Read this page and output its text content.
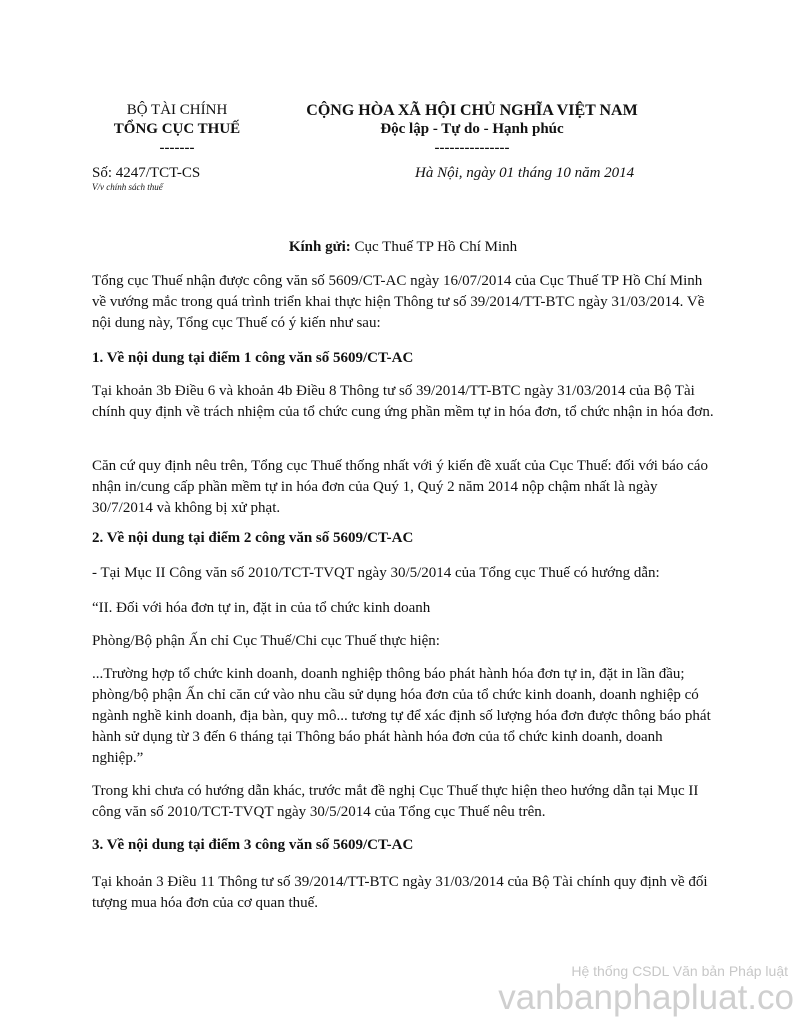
BỘ TÀI CHÍNH
TỔNG CỤC THUẾ
-------
CỘNG HÒA XÃ HỘI CHỦ NGHĨA VIỆT NAM
Độc lập - Tự do - Hạnh phúc
---------------
Số: 4247/TCT-CS
V/v chính sách thuế
Hà Nội, ngày 01 tháng 10 năm 2014
Kính gửi: Cục Thuế TP Hồ Chí Minh
Tổng cục Thuế nhận được công văn số 5609/CT-AC ngày 16/07/2014 của Cục Thuế TP Hồ Chí Minh về vướng mắc trong quá trình triển khai thực hiện Thông tư số 39/2014/TT-BTC ngày 31/03/2014. Về nội dung này, Tổng cục Thuế có ý kiến như sau:
1. Về nội dung tại điểm 1 công văn số 5609/CT-AC
Tại khoản 3b Điều 6 và khoản 4b Điều 8 Thông tư số 39/2014/TT-BTC ngày 31/03/2014 của Bộ Tài chính quy định về trách nhiệm của tổ chức cung ứng phần mềm tự in hóa đơn, tổ chức nhận in hóa đơn.
Căn cứ quy định nêu trên, Tổng cục Thuế thống nhất với ý kiến đề xuất của Cục Thuế: đối với báo cáo nhận in/cung cấp phần mềm tự in hóa đơn của Quý 1, Quý 2 năm 2014 nộp chậm nhất là ngày 30/7/2014 và không bị xử phạt.
2. Về nội dung tại điểm 2 công văn số 5609/CT-AC
- Tại Mục II Công văn số 2010/TCT-TVQT ngày 30/5/2014 của Tổng cục Thuế có hướng dẫn:
“II. Đối với hóa đơn tự in, đặt in của tổ chức kinh doanh
Phòng/Bộ phận Ấn chỉ Cục Thuế/Chi cục Thuế thực hiện:
...Trường hợp tổ chức kinh doanh, doanh nghiệp thông báo phát hành hóa đơn tự in, đặt in lần đầu; phòng/bộ phận Ấn chỉ căn cứ vào nhu cầu sử dụng hóa đơn của tổ chức kinh doanh, doanh nghiệp có ngành nghề kinh doanh, địa bàn, quy mô... tương tự để xác định số lượng hóa đơn được thông báo phát hành sử dụng từ 3 đến 6 tháng tại Thông báo phát hành hóa đơn của tổ chức kinh doanh, doanh nghiệp.”
Trong khi chưa có hướng dẫn khác, trước mắt đề nghị Cục Thuế thực hiện theo hướng dẫn tại Mục II công văn số 2010/TCT-TVQT ngày 30/5/2014 của Tổng cục Thuế nêu trên.
3. Về nội dung tại điểm 3 công văn số 5609/CT-AC
Tại khoản 3 Điều 11 Thông tư số 39/2014/TT-BTC ngày 31/03/2014 của Bộ Tài chính quy định về đối tượng mua hóa đơn của cơ quan thuế.
Hệ thống CSDL Văn bản Pháp luật
vanbanphapluat.co
